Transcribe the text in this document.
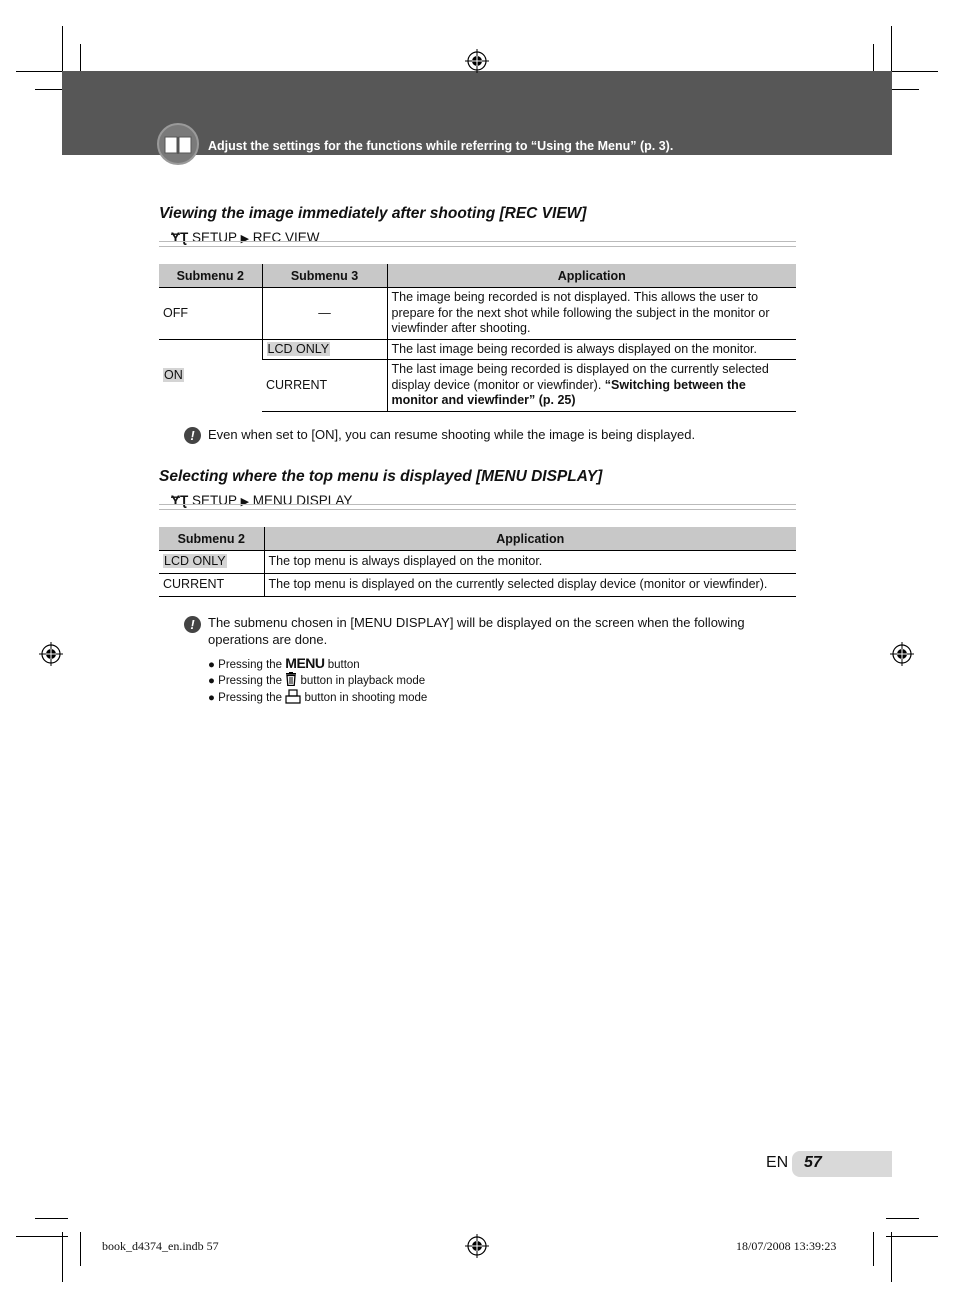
Adjust the settings for the functions while referring to “Using the Menu” (p. 3).
Viewing the image immediately after shooting [REC VIEW]
ɎƮ SETUP ▶ REC VIEW
Submenu 2	Submenu 3	Application
OFF	—	The image being recorded is not displayed. This allows the user to prepare for the next shot while following the subject in the monitor or viewfinder after shooting.
ON	LCD ONLY	The last image being recorded is always displayed on the monitor.
	CURRENT	The last image being recorded is displayed on the currently selected display device (monitor or viewfinder). “Switching between the monitor and viewfinder” (p. 25)
!	Even when set to [ON], you can resume shooting while the image is being displayed.
Selecting where the top menu is displayed [MENU DISPLAY]
ɎƮ SETUP ▶ MENU DISPLAY
Submenu 2	Application
LCD ONLY	The top menu is always displayed on the monitor.
CURRENT	The top menu is displayed on the currently selected display device (monitor or viewfinder).
!	The submenu chosen in [MENU DISPLAY] will be displayed on the screen when the following operations are done.
● Pressing the MENU button
● Pressing the button in playback mode
● Pressing the button in shooting mode
EN 57
book_d4374_en.indb 57	18/07/2008 13:39:23
